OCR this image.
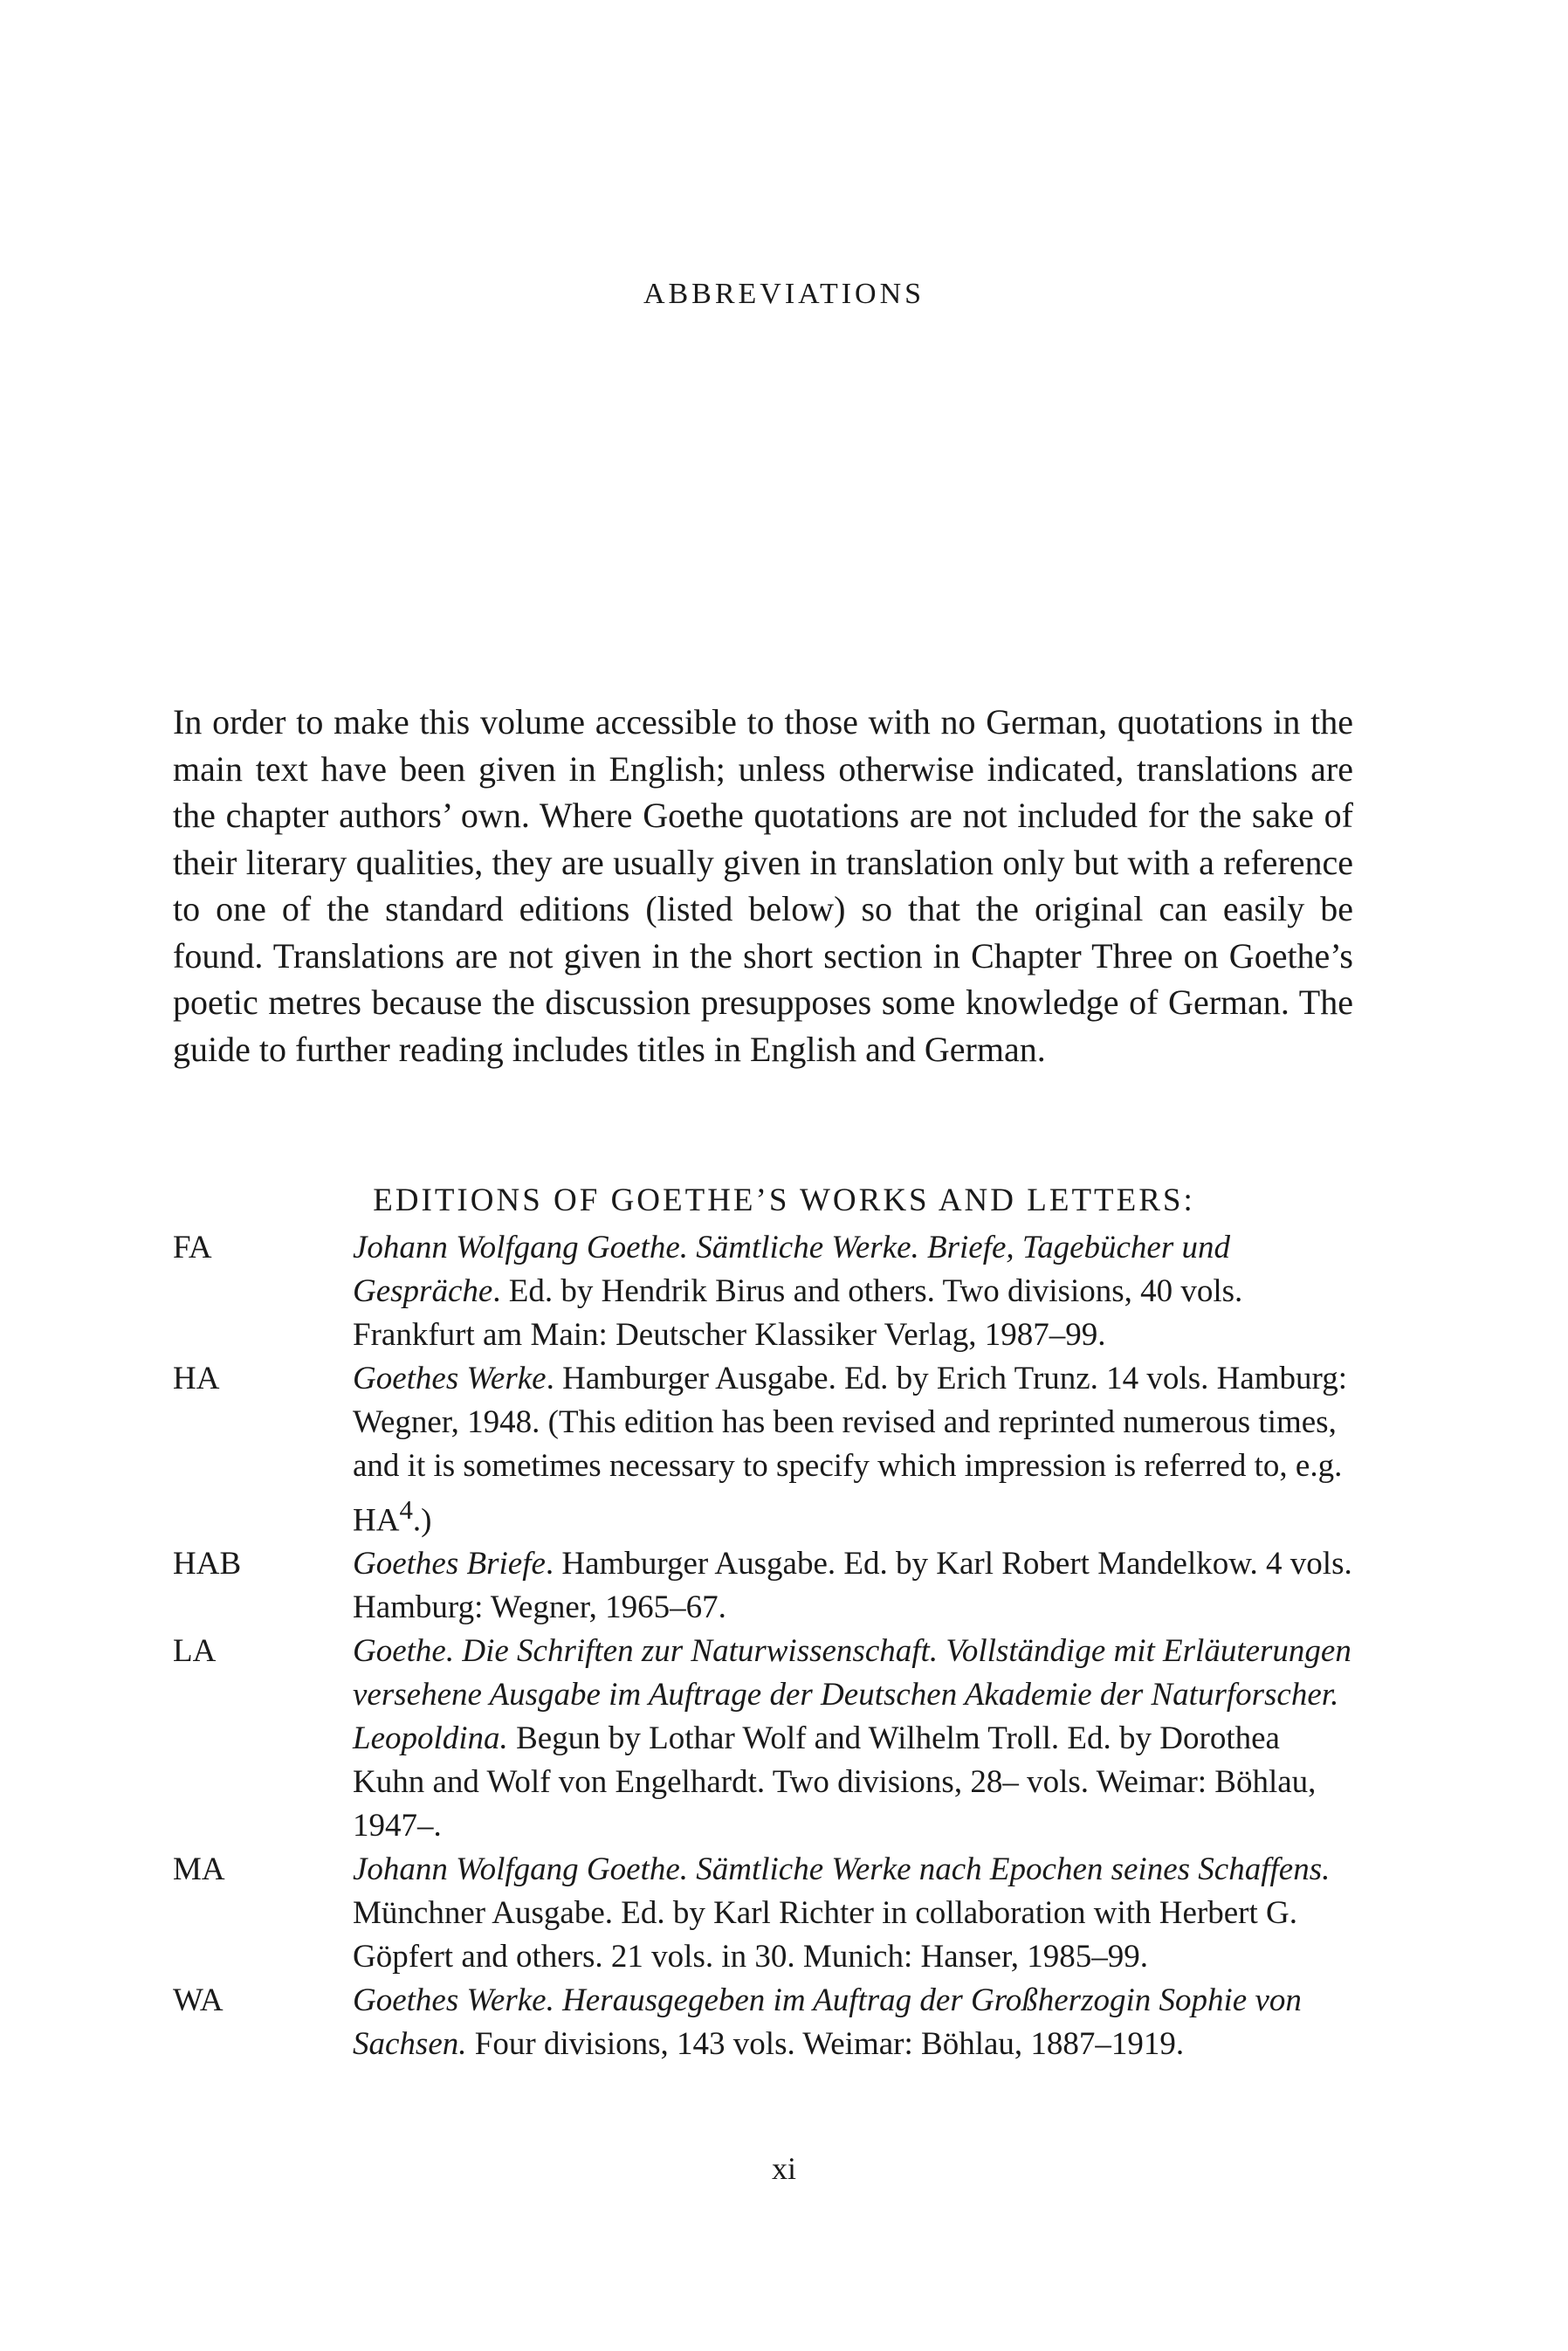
ABBREVIATIONS

In order to make this volume accessible to those with no German, quotations in the main text have been given in English; unless otherwise indicated, translations are the chapter authors’ own. Where Goethe quotations are not included for the sake of their literary qualities, they are usually given in translation only but with a reference to one of the standard editions (listed below) so that the original can easily be found. Translations are not given in the short section in Chapter Three on Goethe’s poetic metres because the discussion presupposes some knowledge of German. The guide to further reading includes titles in English and German.

EDITIONS OF GOETHE’S WORKS AND LETTERS:
FA	Johann Wolfgang Goethe. Sämtliche Werke. Briefe, Tagebücher und Gespräche. Ed. by Hendrik Birus and others. Two divisions, 40 vols. Frankfurt am Main: Deutscher Klassiker Verlag, 1987–99.
HA	Goethes Werke. Hamburger Ausgabe. Ed. by Erich Trunz. 14 vols. Hamburg: Wegner, 1948. (This edition has been revised and reprinted numerous times, and it is sometimes necessary to specify which impression is referred to, e.g. $HA^4$.)
HAB	Goethes Briefe. Hamburger Ausgabe. Ed. by Karl Robert Mandelkow. 4 vols. Hamburg: Wegner, 1965–67.
LA	Goethe. Die Schriften zur Naturwissenschaft. Vollständige mit Erläuterungen versehene Ausgabe im Auftrage der Deutschen Akademie der Naturforscher. Leopoldina. Begun by Lothar Wolf and Wilhelm Troll. Ed. by Dorothea Kuhn and Wolf von Engelhardt. Two divisions, 28– vols. Weimar: Böhlau, 1947–.
MA	Johann Wolfgang Goethe. Sämtliche Werke nach Epochen seines Schaffens. Münchner Ausgabe. Ed. by Karl Richter in collaboration with Herbert G. Göpfert and others. 21 vols. in 30. Munich: Hanser, 1985–99.
WA	Goethes Werke. Herausgegeben im Auftrag der Großherzogin Sophie von Sachsen. Four divisions, 143 vols. Weimar: Böhlau, 1887–1919.
xi
